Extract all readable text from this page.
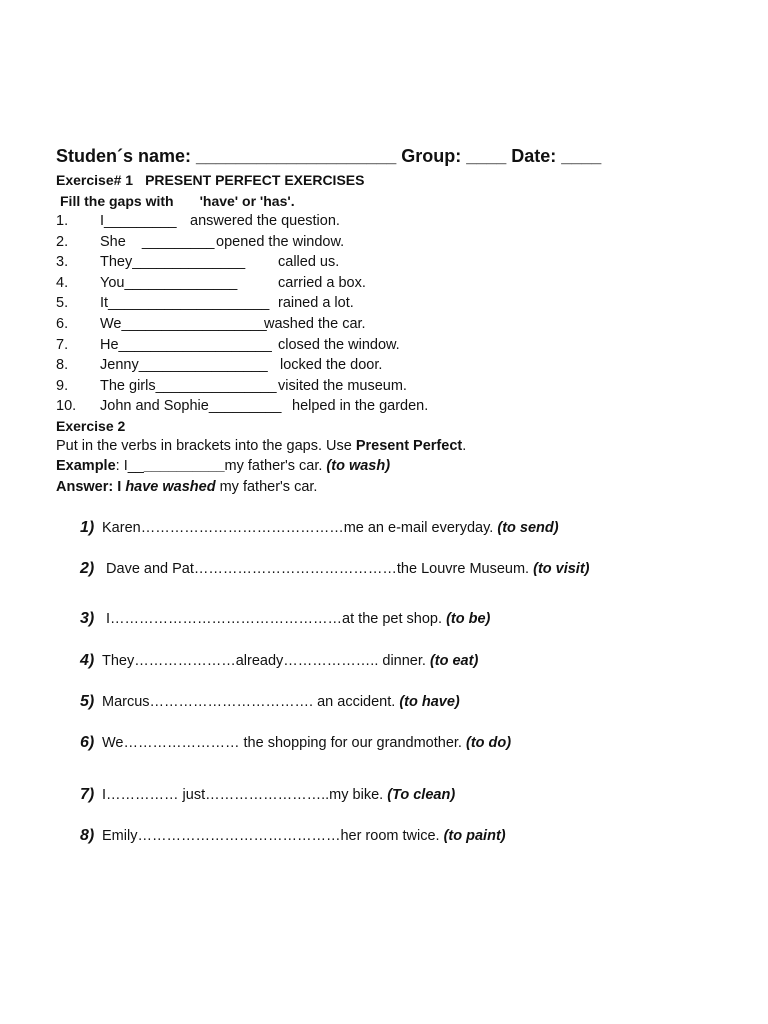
Studen´s name: ____________________ Group: ____ Date: ____
Exercise# 1 PRESENT PERFECT EXERCISES
Fill the gaps with 'have' or 'has'.
1. I_________ answered the question.
2. She    _________ opened the window.
3. They______________ called us.
4. You______________	carried a box.
5. It____________________ rained a lot.
6. We__________________
washed the car.
7. He___________________ closed the window.
8. Jenny________________ locked the door.
9. The girls_______________ visited the museum.
10. John and Sophie_________ helped in the garden.
Exercise 2
Put in the verbs in brackets into the gaps. Use Present Perfect.
Example: I____________my father's car. (to wash)
Answer: I have washed my father's car.
1) Karen……………………………………me an e-mail everyday. (to send)
2) Dave and Pat……………………………………the Louvre Museum. (to visit)
3) I…………………………………………at the pet shop. (to be)
4) They…………………already……………….. dinner. (to eat)
5) Marcus……………………………. an accident. (to have)
6) We…………………… the shopping for our grandmother. (to do)
7) I…………… just……………………..my bike. (To clean)
8) Emily……………………………………her room twice. (to paint)
